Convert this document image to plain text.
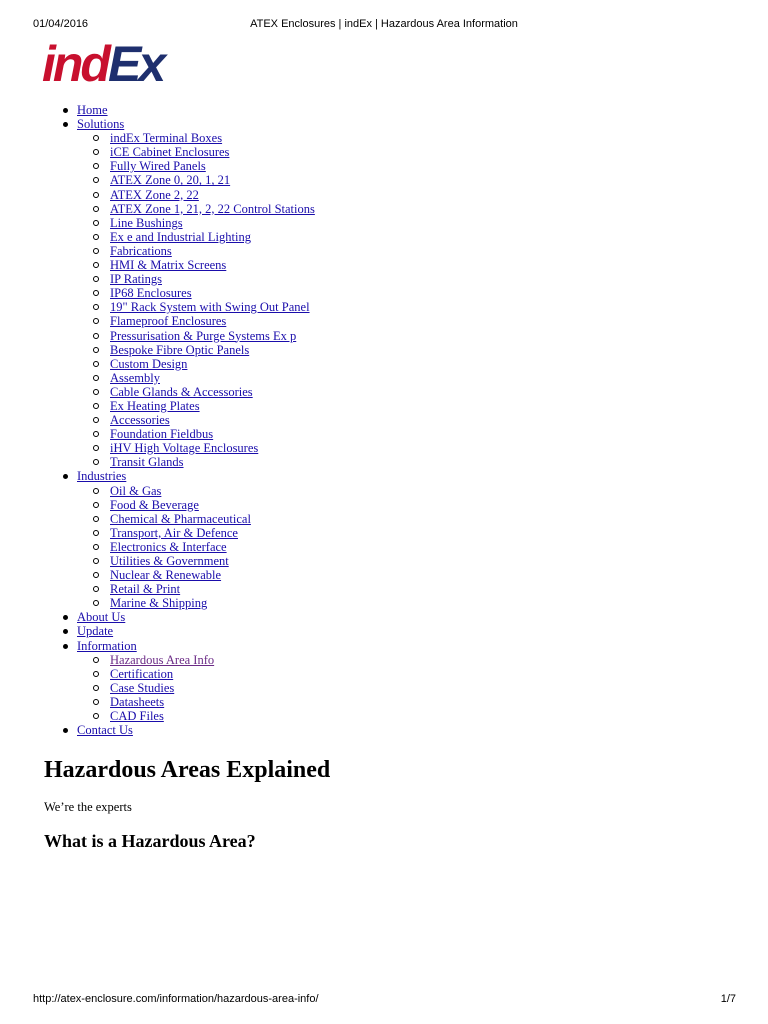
01/04/2016	ATEX Enclosures | indEx | Hazardous Area Information
indEx
Home
Solutions
indEx Terminal Boxes
iCE Cabinet Enclosures
Fully Wired Panels
ATEX Zone 0, 20, 1, 21
ATEX Zone 2, 22
ATEX Zone 1, 21, 2, 22 Control Stations
Line Bushings
Ex e and Industrial Lighting
Fabrications
HMI & Matrix Screens
IP Ratings
IP68 Enclosures
19" Rack System with Swing Out Panel
Flameproof Enclosures
Pressurisation & Purge Systems Ex p
Bespoke Fibre Optic Panels
Custom Design
Assembly
Cable Glands & Accessories
Ex Heating Plates
Accessories
Foundation Fieldbus
iHV High Voltage Enclosures
Transit Glands
Industries
Oil & Gas
Food & Beverage
Chemical & Pharmaceutical
Transport, Air & Defence
Electronics & Interface
Utilities & Government
Nuclear & Renewable
Retail & Print
Marine & Shipping
About Us
Update
Information
Hazardous Area Info
Certification
Case Studies
Datasheets
CAD Files
Contact Us
Hazardous Areas Explained
We’re the experts
What is a Hazardous Area?
http://atex-enclosure.com/information/hazardous-area-info/	1/7
